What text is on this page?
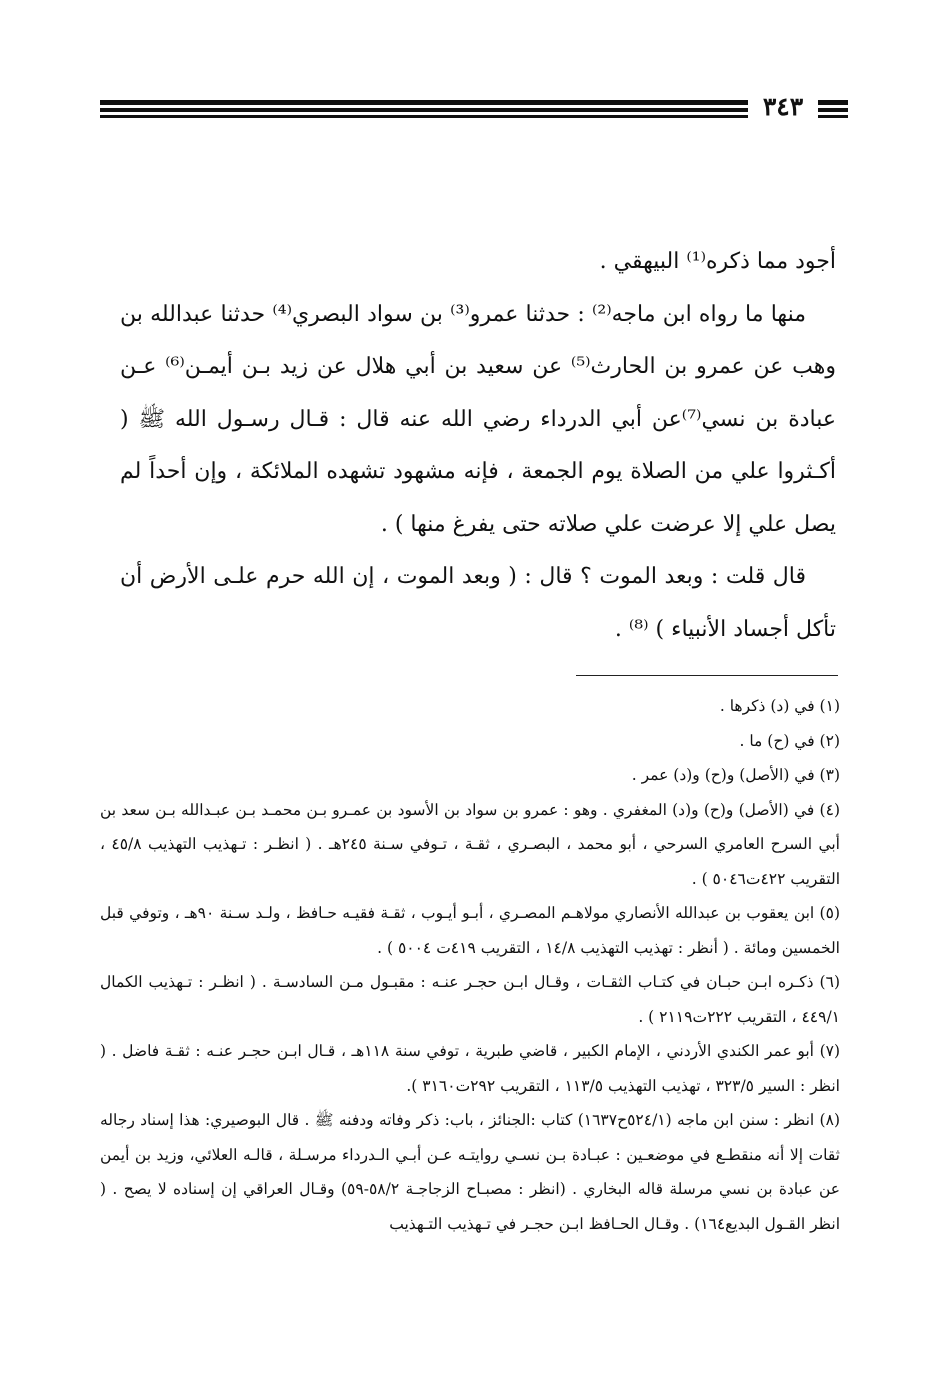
٣٤٣

أجود مما ذكره⁽¹⁾ البيهقي .

منها ما رواه ابن ماجه⁽²⁾ : حدثنا عمرو⁽³⁾ بن سواد البصري⁽⁴⁾ حدثنا عبدالله بن وهب عن عمرو بن الحارث⁽⁵⁾ عن سعيد بن أبي هلال عن زيد بـن أيمـن⁽⁶⁾ عـن عبادة بن نسي⁽⁷⁾عن أبي الدرداء رضي الله عنه قال : قـال رسـول الله ﷺ ( أكـثروا علي من الصلاة يوم الجمعة ، فإنه مشهود تشهده الملائكة ، وإن أحداً لم يصل علي إلا عرضت علي صلاته حتى يفرغ منها ) .

قال قلت : وبعد الموت ؟ قال : ( وبعد الموت ، إن الله حرم علـى الأرض أن تأكل أجساد الأنبياء ) ⁽⁸⁾ .

(١) في (د) ذكرها .

(٢) في (ح) ما .

(٣) في (الأصل) و(ح) و(د) عمر .

(٤) في (الأصل) و(ح) و(د) المغفري . وهو : عمرو بن سواد بن الأسود بن عمـرو بـن محمـد بـن عبـدالله بـن سعد بن أبي السرح العامري السرحي ، أبو محمد ، البصـري ، ثقـة ، تـوفي سـنة ٢٤٥هـ . ( انظـر : تـهذيب التهذيب ٤٥/٨ ، التقريب ٤٢٢ت٥٠٤٦ ) .

(٥) ابن يعقوب بن عبدالله الأنصاري مولاهـم المصـري ، أبـو أيـوب ، ثقـة فقيـه حـافظ ، ولـد سـنة ٩٠هـ ، وتوفي قبل الخمسين ومائة . ( أنظر : تهذيب التهذيب ١٤/٨ ، التقريب ٤١٩ت ٥٠٠٤ ) .

(٦) ذكـره ابـن حبـان في كتـاب الثقـات ، وقـال ابـن حجـر عنـه : مقبـول مـن السادسـة . ( انظـر : تـهذيب الكمال ٤٤٩/١ ، التقريب ٢٢٢ت٢١١٩ ) .

(٧) أبو عمر الكندي الأردني ، الإمام الكبير ، قاضي طبرية ، توفي سنة ١١٨هـ ، قـال ابـن حجـر عنـه : ثقـة فاضل . ( انظر : السير ٣٢٣/٥ ، تهذيب التهذيب ١١٣/٥ ، التقريب ٢٩٢ت٣١٦٠ ).

(٨) انظر : سنن ابن ماجه (٥٢٤/١ح١٦٣٧) كتاب :الجنائز ، باب: ذكر وفاته ودفنه ﷺ . قال البوصيري: هذا إسناد رجاله ثقات إلا أنه منقطـع في موضعـين : عبـادة بـن نسـي روايتـه عـن أبـي الـدرداء مرسـلة ، قالـه العلائي، وزيد بن أيمن عن عبادة بن نسي مرسلة قاله البخاري . (انظر : مصبـاح الزجاجـة ٥٨/٢-٥٩) وقـال العراقي إن إسناده لا يصح . ( انظر القـول البديع١٦٤) . وقـال الحـافظ ابـن حجـر في تـهذيب التـهذيب
